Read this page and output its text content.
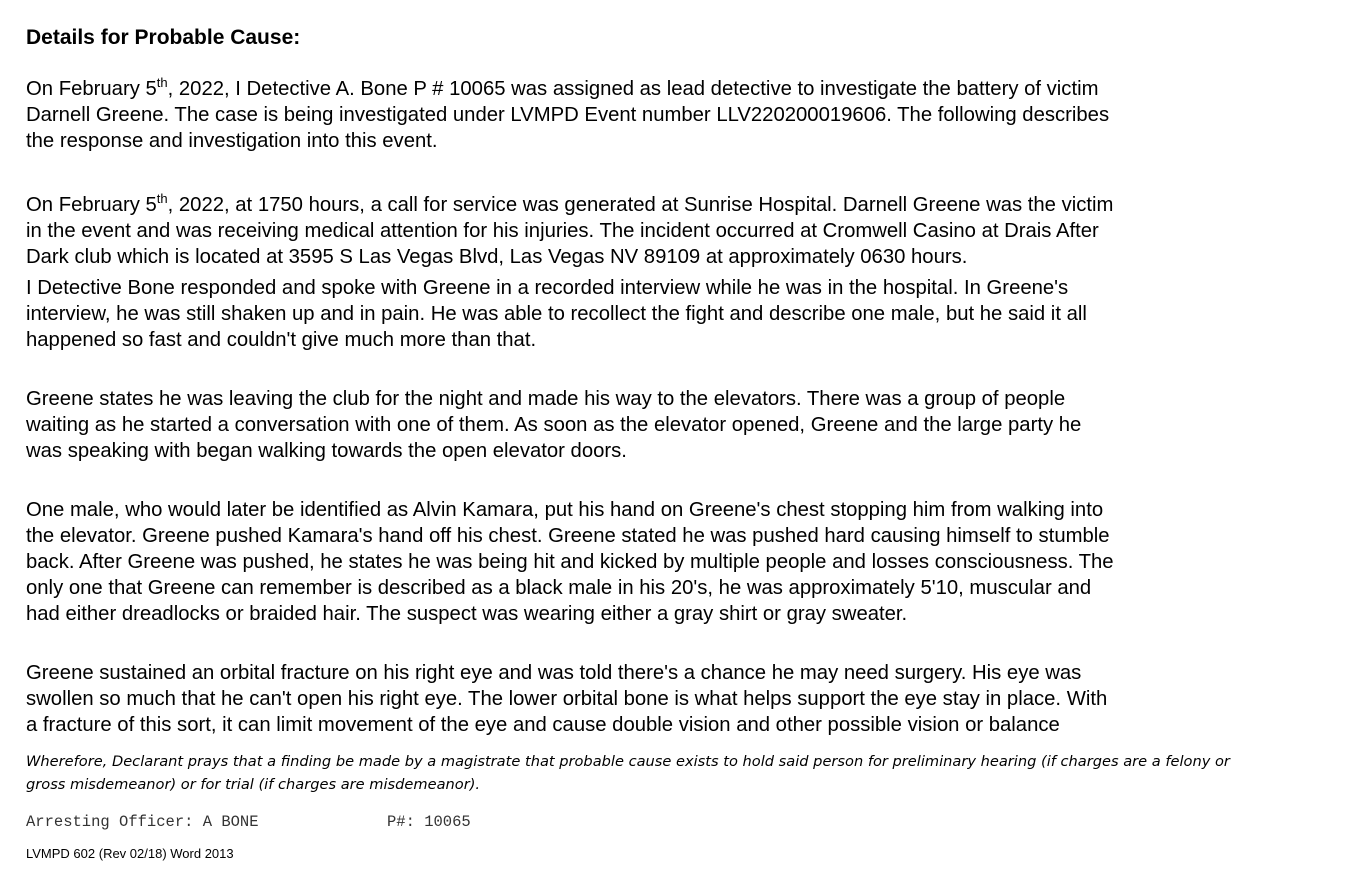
Details for Probable Cause:

On February 5th, 2022, I Detective A. Bone P # 10065 was assigned as lead detective to investigate the battery of victim
Darnell Greene. The case is being investigated under LVMPD Event number LLV220200019606. The following describes
the response and investigation into this event.

On February 5th, 2022, at 1750 hours, a call for service was generated at Sunrise Hospital. Darnell Greene was the victim
in the event and was receiving medical attention for his injuries. The incident occurred at Cromwell Casino at Drais After
Dark club which is located at 3595 S Las Vegas Blvd, Las Vegas NV 89109 at approximately 0630 hours.

I Detective Bone responded and spoke with Greene in a recorded interview while he was in the hospital. In Greene's
interview, he was still shaken up and in pain. He was able to recollect the fight and describe one male, but he said it all
happened so fast and couldn't give much more than that.

Greene states he was leaving the club for the night and made his way to the elevators. There was a group of people
waiting as he started a conversation with one of them. As soon as the elevator opened, Greene and the large party he
was speaking with began walking towards the open elevator doors.

One male, who would later be identified as Alvin Kamara, put his hand on Greene's chest stopping him from walking into
the elevator. Greene pushed Kamara's hand off his chest. Greene stated he was pushed hard causing himself to stumble
back. After Greene was pushed, he states he was being hit and kicked by multiple people and losses consciousness. The
only one that Greene can remember is described as a black male in his 20's, he was approximately 5'10, muscular and
had either dreadlocks or braided hair. The suspect was wearing either a gray shirt or gray sweater.

Greene sustained an orbital fracture on his right eye and was told there's a chance he may need surgery. His eye was
swollen so much that he can't open his right eye. The lower orbital bone is what helps support the eye stay in place. With
a fracture of this sort, it can limit movement of the eye and cause double vision and other possible vision or balance

Wherefore, Declarant prays that a finding be made by a magistrate that probable cause exists to hold said person for preliminary hearing (if charges are a felony or
gross misdemeanor) or for trial (if charges are misdemeanor).

Arresting Officer: A BONE	P#: 10065
LVMPD 602 (Rev 02/18) Word 2013
